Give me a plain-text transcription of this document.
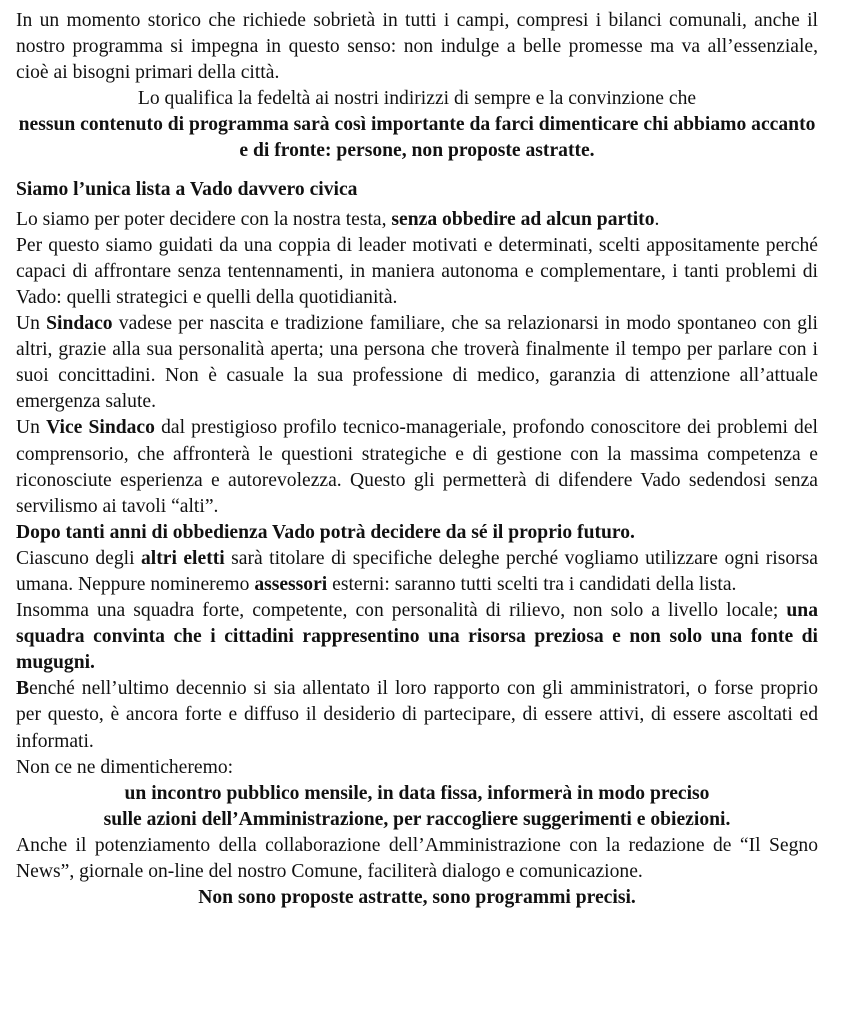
In un momento storico che richiede sobrietà in tutti i campi, compresi i bilanci comunali, anche il nostro programma si impegna in questo senso: non indulge a belle promesse ma va all’essenziale, cioè ai bisogni primari della città.

Lo qualifica la fedeltà ai nostri indirizzi di sempre e la convinzione che

nessun contenuto di programma sarà così importante da farci dimenticare chi abbiamo accanto e di fronte: persone, non proposte astratte.

Siamo l’unica lista a Vado davvero civica

Lo siamo per poter decidere con la nostra testa, senza obbedire ad alcun partito.

Per questo siamo guidati da una coppia di leader motivati e determinati, scelti appositamente perché capaci di affrontare senza tentennamenti, in maniera autonoma e complementare, i tanti problemi di Vado: quelli strategici e quelli della quotidianità.

Un Sindaco vadese per nascita e tradizione familiare, che sa relazionarsi in modo spontaneo con gli altri, grazie alla sua personalità aperta; una persona che troverà finalmente il tempo per parlare con i suoi concittadini. Non è casuale la sua professione di medico, garanzia di attenzione all’attuale emergenza salute.

Un Vice Sindaco dal prestigioso profilo tecnico-manageriale, profondo conoscitore dei problemi del comprensorio, che affronterà le questioni strategiche e di gestione con la massima competenza e riconosciute esperienza e autorevolezza. Questo gli permetterà di difendere Vado sedendosi senza servilismo ai tavoli “alti”.

Dopo tanti anni di obbedienza Vado potrà decidere da sé il proprio futuro.

Ciascuno degli altri eletti sarà titolare di specifiche deleghe perché vogliamo utilizzare ogni risorsa umana. Neppure nomineremo assessori esterni: saranno tutti scelti tra i candidati della lista.

Insomma una squadra forte, competente, con personalità di rilievo, non solo a livello locale; una squadra convinta che i cittadini rappresentino una risorsa preziosa e non solo una fonte di mugugni.

Benché nell’ultimo decennio si sia allentato il loro rapporto con gli amministratori, o forse proprio per questo, è ancora forte e diffuso il desiderio di partecipare, di essere attivi, di essere ascoltati ed informati.

Non ce ne dimenticheremo:

un incontro pubblico mensile, in data fissa, informerà in modo preciso

sulle azioni dell’Amministrazione, per raccogliere suggerimenti e obiezioni.

Anche il potenziamento della collaborazione dell’Amministrazione con la redazione de “Il Segno News”, giornale on-line del nostro Comune, faciliterà dialogo e comunicazione.

Non sono proposte astratte, sono programmi precisi.
